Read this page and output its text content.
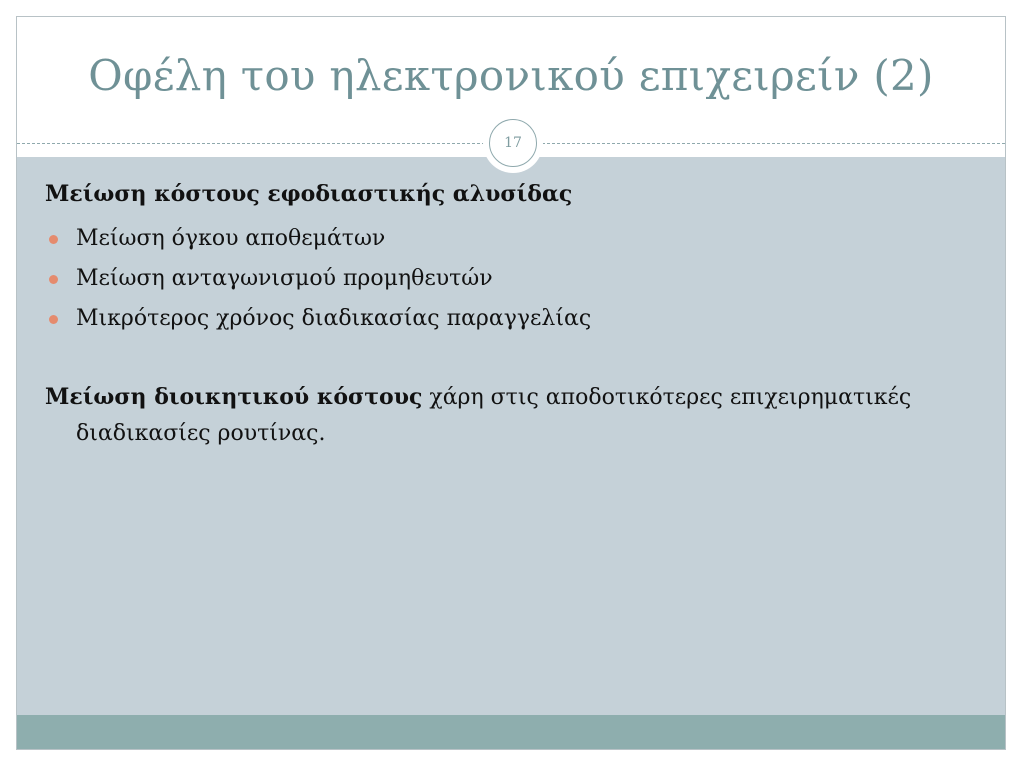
Οφέλη του ηλεκτρονικού επιχειρείν (2)
17
Μείωση κόστους εφοδιαστικής αλυσίδας
Μείωση όγκου αποθεμάτων
Μείωση ανταγωνισμού προμηθευτών
Μικρότερος χρόνος διαδικασίας παραγγελίας
Μείωση διοικητικού κόστους χάρη στις αποδοτικότερες επιχειρηματικές διαδικασίες ρουτίνας.
